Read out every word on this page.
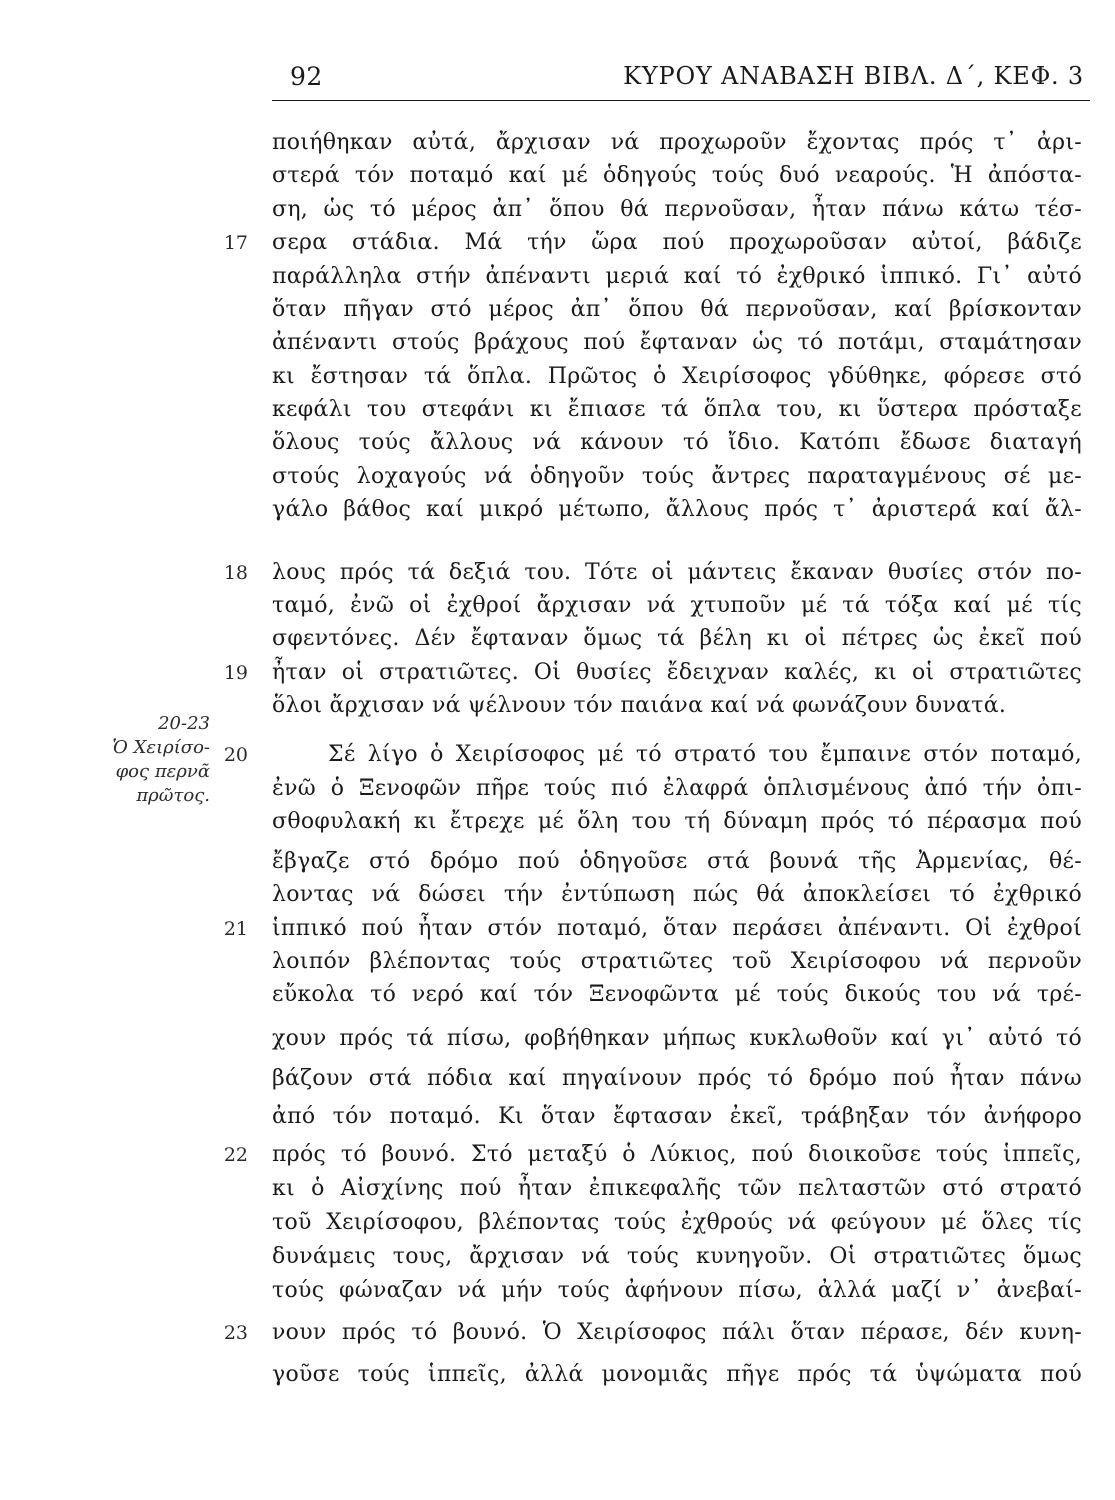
92	ΚΥΡΟΥ ΑΝΑΒΑΣΗ ΒΙΒΛ. Δ΄, ΚΕΦ. 3
20-23
Ὁ Χειρίσο-
φος περνᾶ
πρῶτος.
17
18
19
20
21
22
23
ποιήθηκαν αὐτά, ἄρχισαν νά προχωροῦν ἔχοντας πρός τ᾿ ἀρι-
στερά τόν ποταμό καί μέ ὁδηγούς τούς δυό νεαρούς. Ἡ ἀπόστα-
ση, ὡς τό μέρος ἀπ᾿ ὅπου θά περνοῦσαν, ἦταν πάνω κάτω τέσ-
σερα στάδια. Μά τήν ὥρα πού προχωροῦσαν αὐτοί, βάδιζε
παράλληλα στήν ἀπέναντι μεριά καί τό ἐχθρικό ἱππικό. Γι᾿ αὐτό
ὅταν πῆγαν στό μέρος ἀπ᾿ ὅπου θά περνοῦσαν, καί βρίσκονταν
ἀπέναντι στούς βράχους πού ἔφταναν ὡς τό ποτάμι, σταμάτησαν
κι ἔστησαν τά ὅπλα. Πρῶτος ὁ Χειρίσοφος γδύθηκε, φόρεσε στό
κεφάλι του στεφάνι κι ἔπιασε τά ὅπλα του, κι ὕστερα πρόσταξε
ὅλους τούς ἄλλους νά κάνουν τό ἴδιο. Κατόπι ἔδωσε διαταγή
στούς λοχαγούς νά ὁδηγοῦν τούς ἄντρες παραταγμένους σέ με-
γάλο βάθος καί μικρό μέτωπο, ἄλλους πρός τ᾿ ἀριστερά καί ἄλ-
λους πρός τά δεξιά του. Τότε οἱ μάντεις ἔκαναν θυσίες στόν πο-
ταμό, ἐνῶ οἱ ἐχθροί ἄρχισαν νά χτυποῦν μέ τά τόξα καί μέ τίς
σφεντόνες. Δέν ἔφταναν ὅμως τά βέλη κι οἱ πέτρες ὡς ἐκεῖ πού
ἦταν οἱ στρατιῶτες. Οἱ θυσίες ἔδειχναν καλές, κι οἱ στρατιῶτες
ὅλοι ἄρχισαν νά ψέλνουν τόν παιάνα καί νά φωνάζουν δυνατά.
Σέ λίγο ὁ Χειρίσοφος μέ τό στρατό του ἔμπαινε στόν ποταμό,
ἐνῶ ὁ Ξενοφῶν πῆρε τούς πιό ἐλαφρά ὁπλισμένους ἀπό τήν ὀπι-
σθοφυλακή κι ἔτρεχε μέ ὅλη του τή δύναμη πρός τό πέρασμα πού
ἔβγαζε στό δρόμο πού ὁδηγοῦσε στά βουνά τῆς Ἀρμενίας, θέ-
λοντας νά δώσει τήν ἐντύπωση πώς θά ἀποκλείσει τό ἐχθρικό
ἱππικό πού ἦταν στόν ποταμό, ὅταν περάσει ἀπέναντι. Οἱ ἐχθροί
λοιπόν βλέποντας τούς στρατιῶτες τοῦ Χειρίσοφου νά περνοῦν
εὔκολα τό νερό καί τόν Ξενοφῶντα μέ τούς δικούς του νά τρέ-
χουν πρός τά πίσω, φοβήθηκαν μήπως κυκλωθοῦν καί γι᾿ αὐτό τό
βάζουν στά πόδια καί πηγαίνουν πρός τό δρόμο πού ἦταν πάνω
ἀπό τόν ποταμό. Κι ὅταν ἔφτασαν ἐκεῖ, τράβηξαν τόν ἀνήφορο
πρός τό βουνό. Στό μεταξύ ὁ Λύκιος, πού διοικοῦσε τούς ἱππεῖς,
κι ὁ Αἰσχίνης πού ἦταν ἐπικεφαλῆς τῶν πελταστῶν στό στρατό
τοῦ Χειρίσοφου, βλέποντας τούς ἐχθρούς νά φεύγουν μέ ὅλες τίς
δυνάμεις τους, ἄρχισαν νά τούς κυνηγοῦν. Οἱ στρατιῶτες ὅμως
τούς φώναζαν νά μήν τούς ἀφήνουν πίσω, ἀλλά μαζί ν᾿ ἀνεβαί-
νουν πρός τό βουνό. Ὁ Χειρίσοφος πάλι ὅταν πέρασε, δέν κυνη-
γοῦσε τούς ἱππεῖς, ἀλλά μονομιᾶς πῆγε πρός τά ὑψώματα πού
